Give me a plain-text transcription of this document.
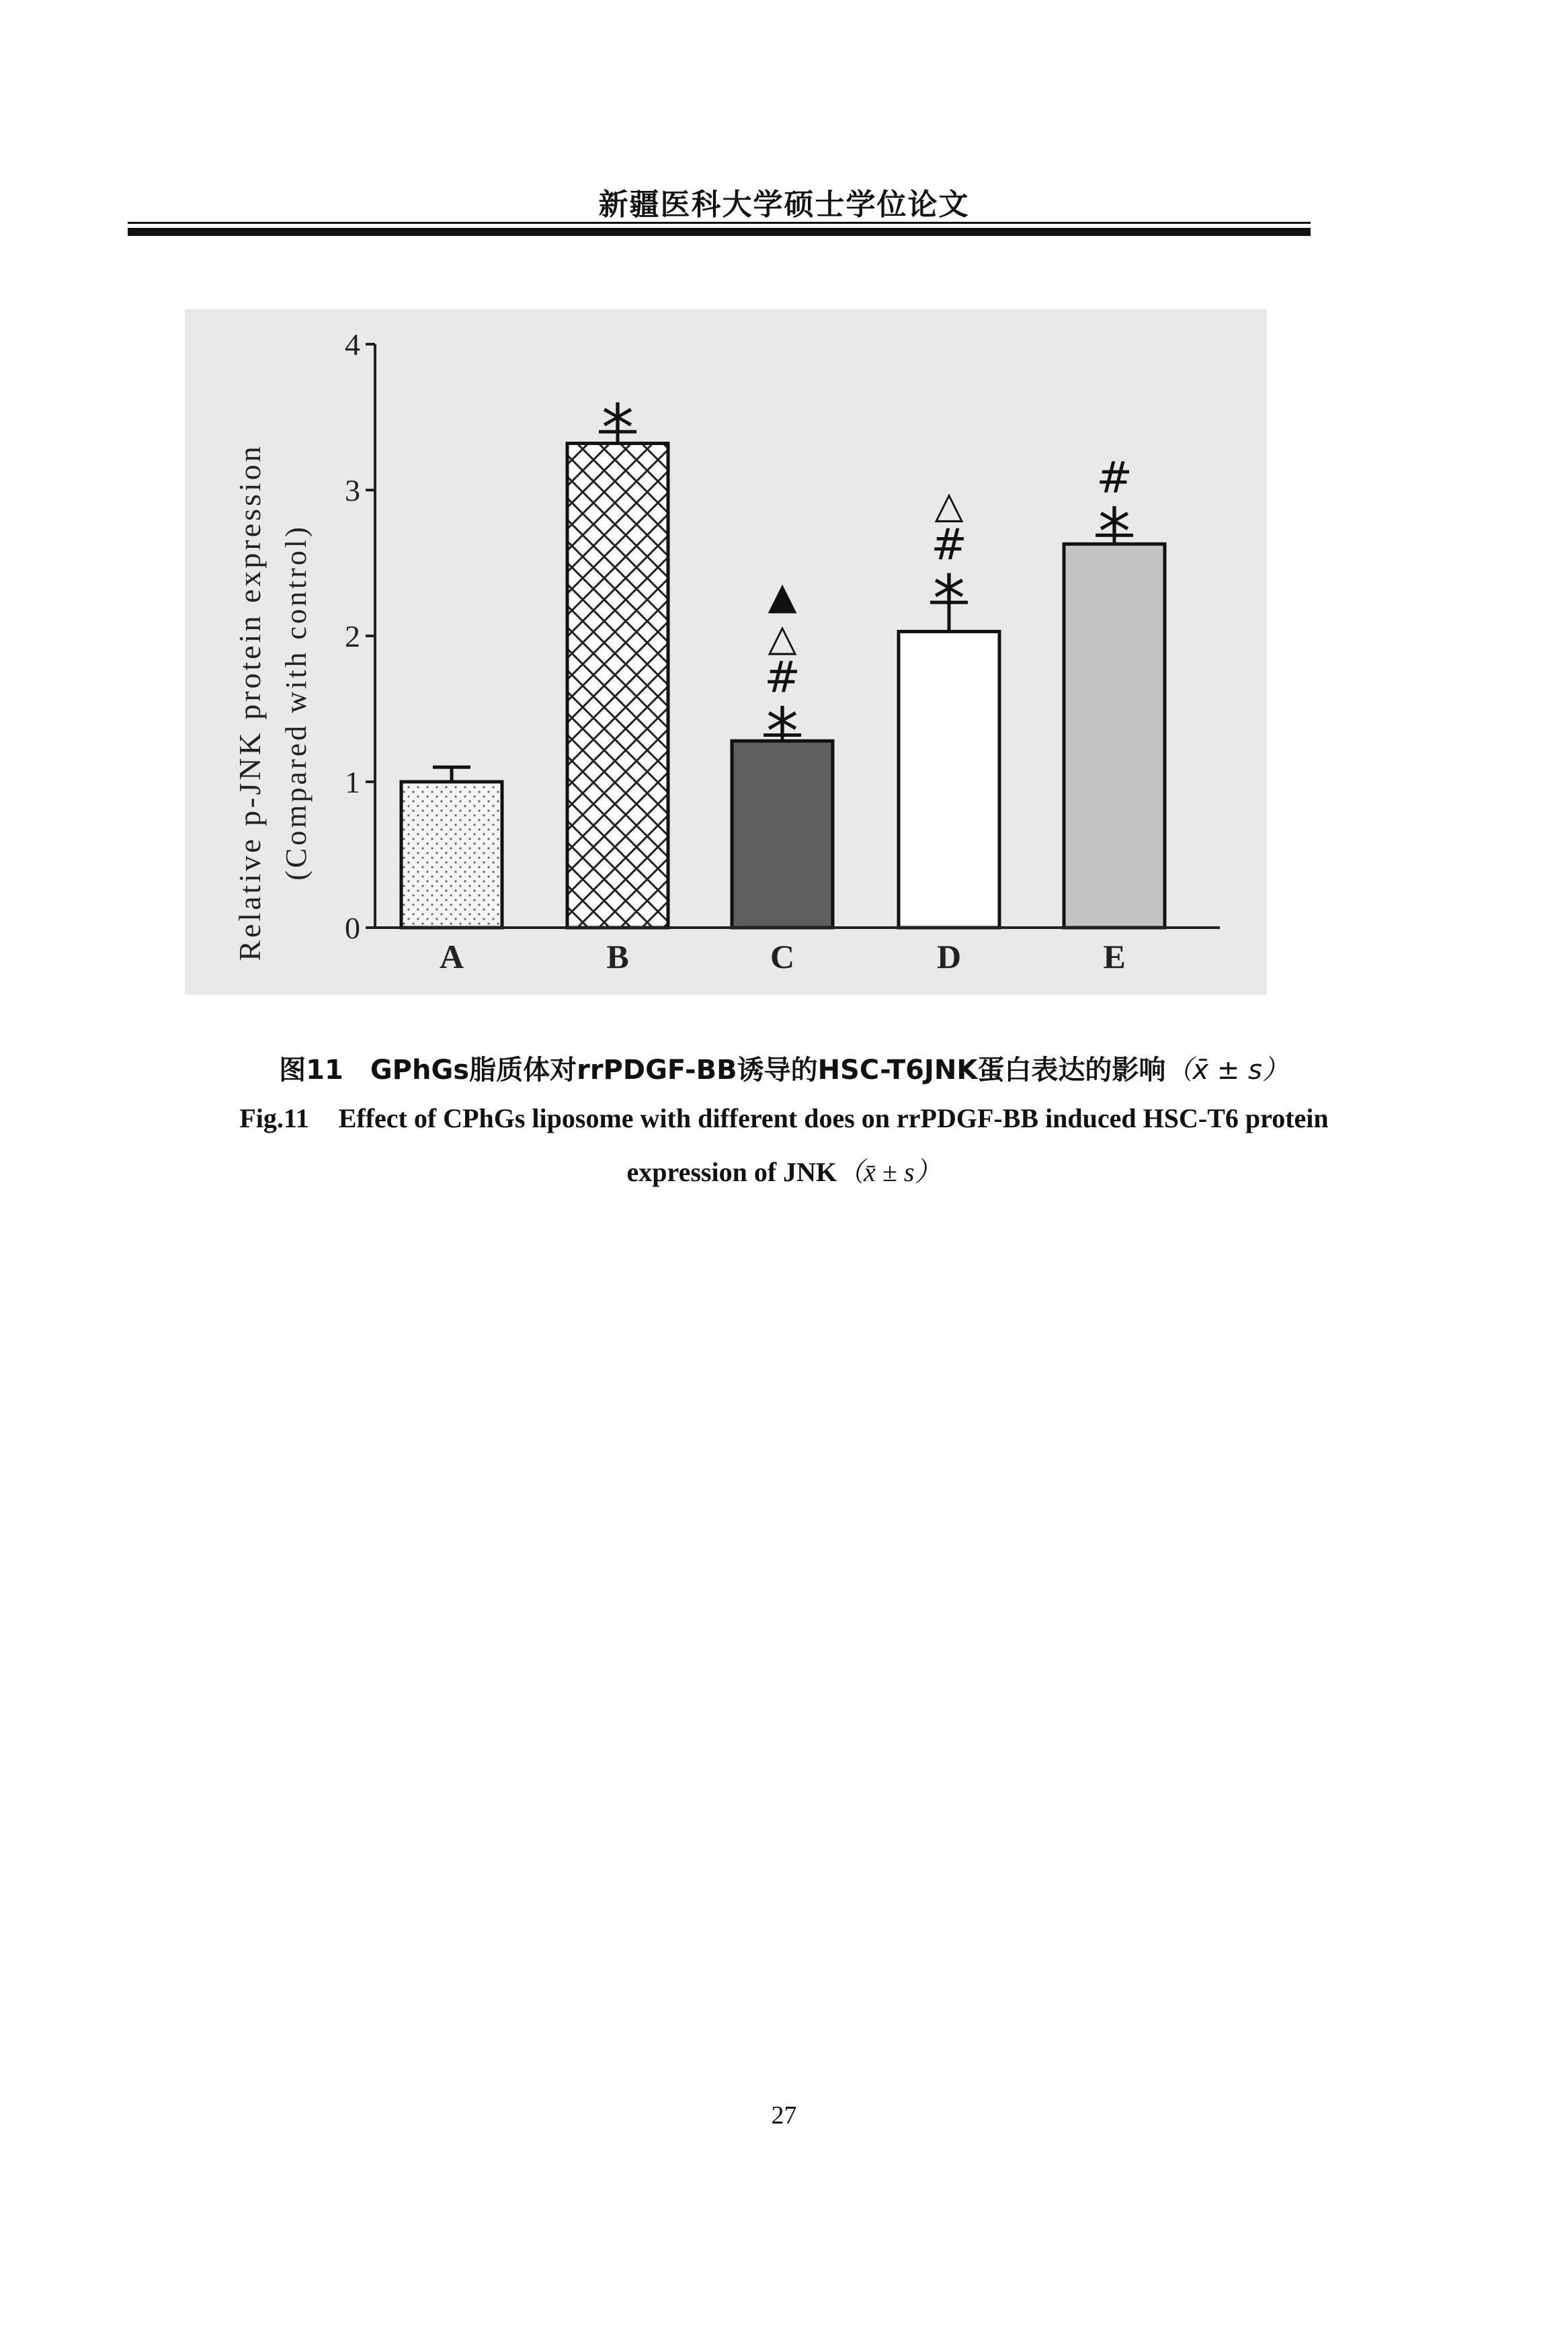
新疆医科大学硕士学位论文
Relative p-JNK protein expression (Compared with control)
0
1
2
3
4
*
*
#
△
▲ *
#
△ *
#
A	B	C	D	E
图11 GPhGs脂质体对rrPDGF-BB诱导的HSC-T6JNK蛋白表达的影响（x̄ ± s）
Fig.11 Effect of CPhGs liposome with different does on rrPDGF-BB induced HSC-T6 protein
expression of JNK（x̄ ± s）
27
